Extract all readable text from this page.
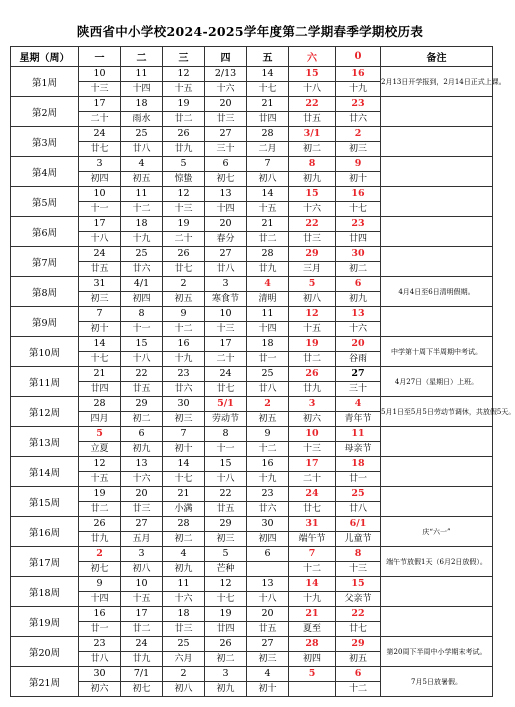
陕西省中小学校2024-2025学年度第二学期春季学期校历表
星期（周）	一	二	三	四	五	六	0	备注
第1周	10	11	12	2/13	14	15	16	2月13日开学报到，2月14日正式上课。
	十三	十四	十五	十六	十七	十八	十九	
第2周	17	18	19	20	21	22	23	
	二十	雨水	廿二	廿三	廿四	廿五	廿六	
第3周	24	25	26	27	28	3/1	2	
	廿七	廿八	廿九	三十	二月	初二	初三	
第4周	3	4	5	6	7	8	9	
	初四	初五	惊蛰	初七	初八	初九	初十	
第5周	10	11	12	13	14	15	16	
	十一	十二	十三	十四	十五	十六	十七	
第6周	17	18	19	20	21	22	23	
	十八	十九	二十	春分	廿二	廿三	廿四	
第7周	24	25	26	27	28	29	30	
	廿五	廿六	廿七	廿八	廿九	三月	初二	
第8周	31	4/1	2	3	4	5	6	4月4日至6日清明假期。
	初三	初四	初五	寒食节	清明	初八	初九	
第9周	7	8	9	10	11	12	13	
	初十	十一	十二	十三	十四	十五	十六	
第10周	14	15	16	17	18	19	20	中学第十周下半周期中考试。
	十七	十八	十九	二十	廿一	廿二	谷雨	
第11周	21	22	23	24	25	26	27	4月27日（星期日）上班。
	廿四	廿五	廿六	廿七	廿八	廿九	三十	
第12周	28	29	30	5/1	2	3	4	5月1日至5月5日劳动节调休，共放假5天。
	四月	初二	初三	劳动节	初五	初六	青年节	
第13周	5	6	7	8	9	10	11	
	立夏	初九	初十	十一	十二	十三	母亲节	
第14周	12	13	14	15	16	17	18	
	十五	十六	十七	十八	十九	二十	廿一	
第15周	19	20	21	22	23	24	25	
	廿二	廿三	小满	廿五	廿六	廿七	廿八	
第16周	26	27	28	29	30	31	6/1	庆“六一”
	廿九	五月	初二	初三	初四	端午节	儿童节	
第17周	2	3	4	5	6	7	8	端午节放假1天（6月2日放假）。
	初七	初八	初九	芒种		十二	十三	
第18周	9	10	11	12	13	14	15	
	十四	十五	十六	十七	十八	十九	父亲节	
第19周	16	17	18	19	20	21	22	
	廿一	廿二	廿三	廿四	廿五	夏至	廿七	
第20周	23	24	25	26	27	28	29	第20周下半周中小学期末考试。
	廿八	廿九	六月	初二	初三	初四	初五	
第21周	30	7/1	2	3	4	5	6	7月5日放暑假。
	初六	初七	初八	初九	初十		十二	
